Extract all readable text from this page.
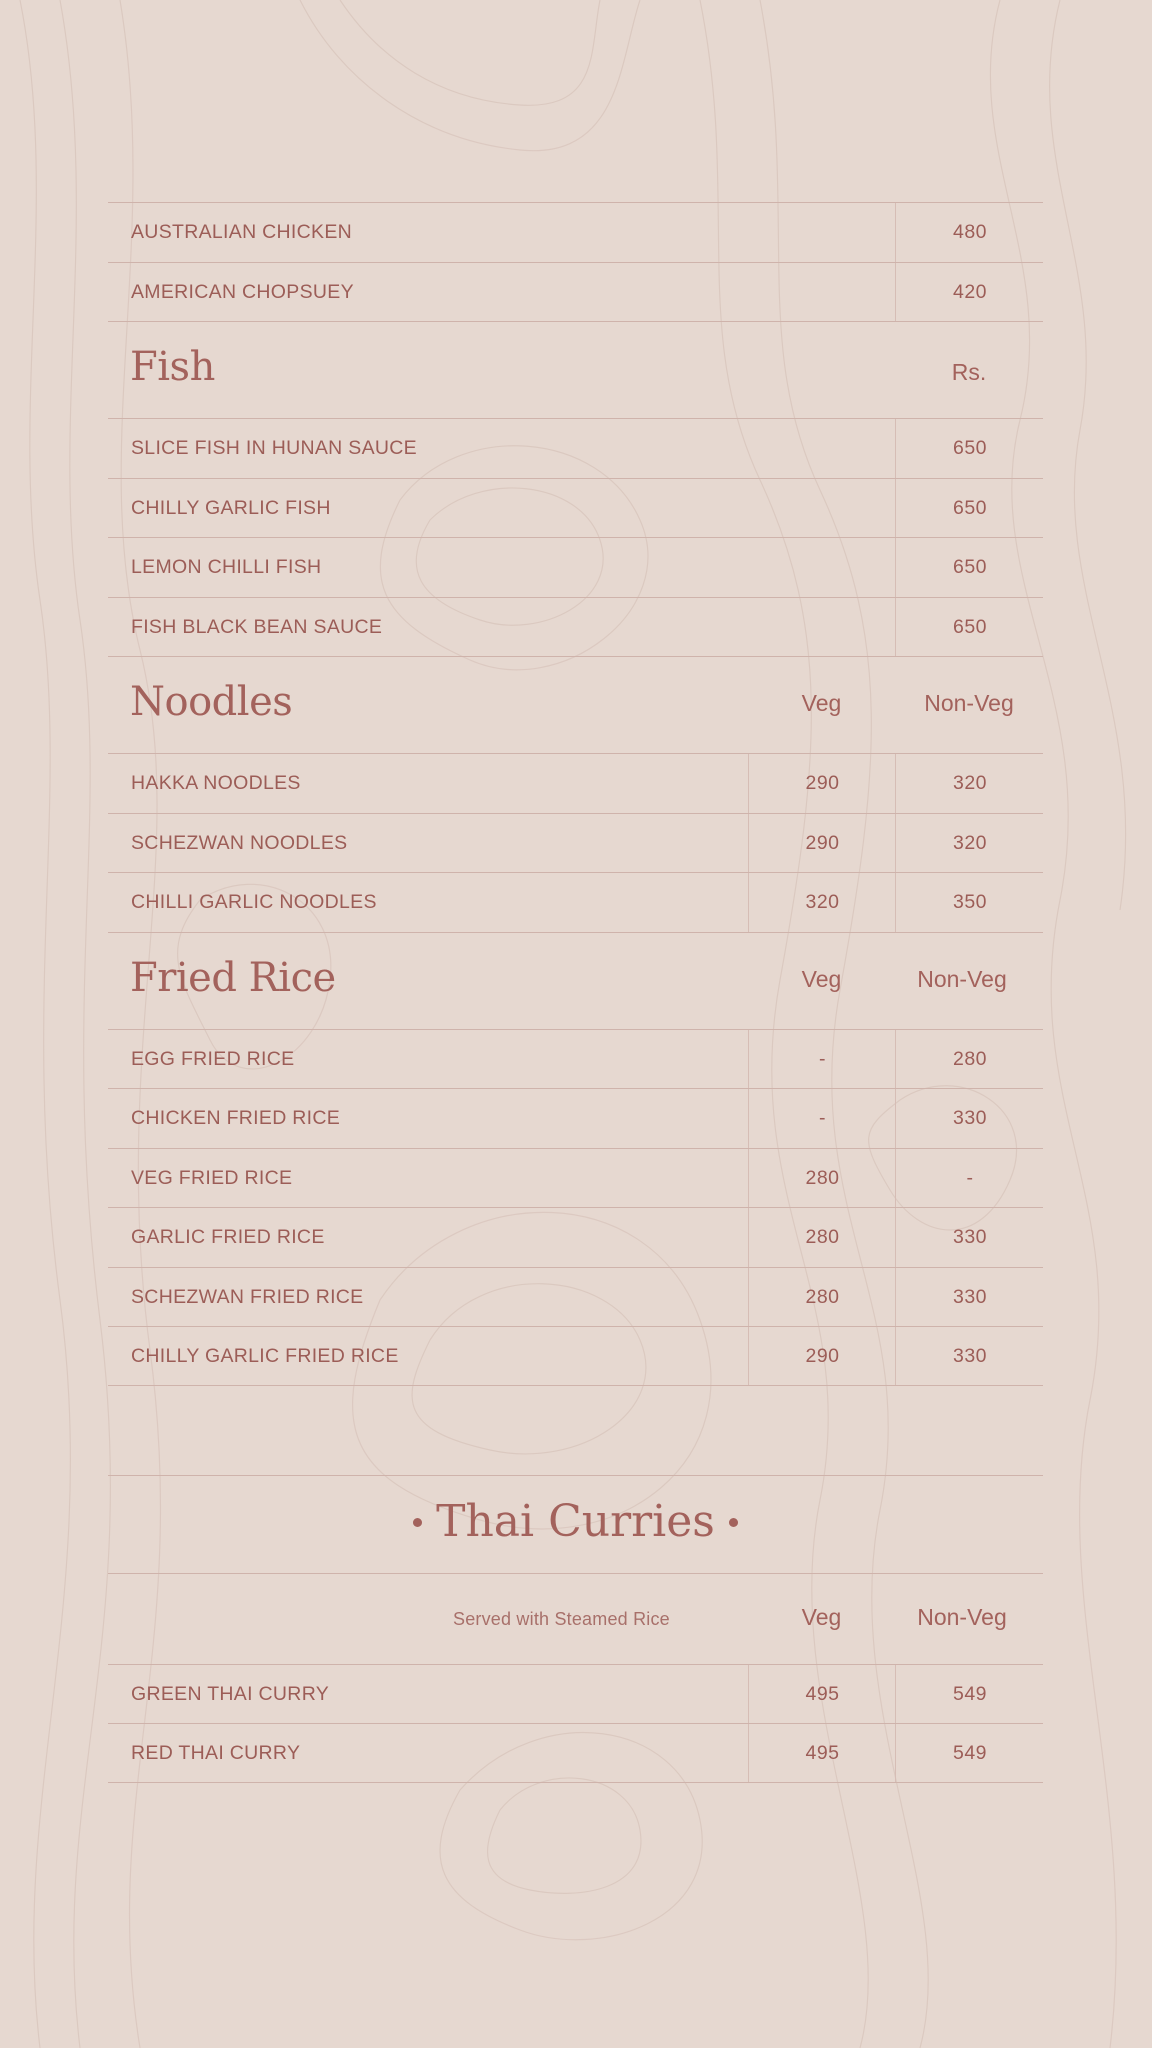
AUSTRALIAN CHICKEN	480
AMERICAN CHOPSUEY	420
Fish	Rs.
SLICE FISH IN HUNAN SAUCE	650
CHILLY GARLIC FISH	650
LEMON CHILLI FISH	650
FISH BLACK BEAN SAUCE	650
Noodles	Veg	Non-Veg
HAKKA NOODLES	290	320
SCHEZWAN NOODLES	290	320
CHILLI GARLIC NOODLES	320	350
Fried Rice	Veg	Non-Veg
EGG FRIED RICE	-	280
CHICKEN FRIED RICE	-	330
VEG FRIED RICE	280	-
GARLIC FRIED RICE	280	330
SCHEZWAN FRIED RICE	280	330
CHILLY GARLIC FRIED RICE	290	330
Thai Curries
Served with Steamed Rice	Veg	Non-Veg
GREEN THAI CURRY	495	549
RED THAI CURRY	495	549
